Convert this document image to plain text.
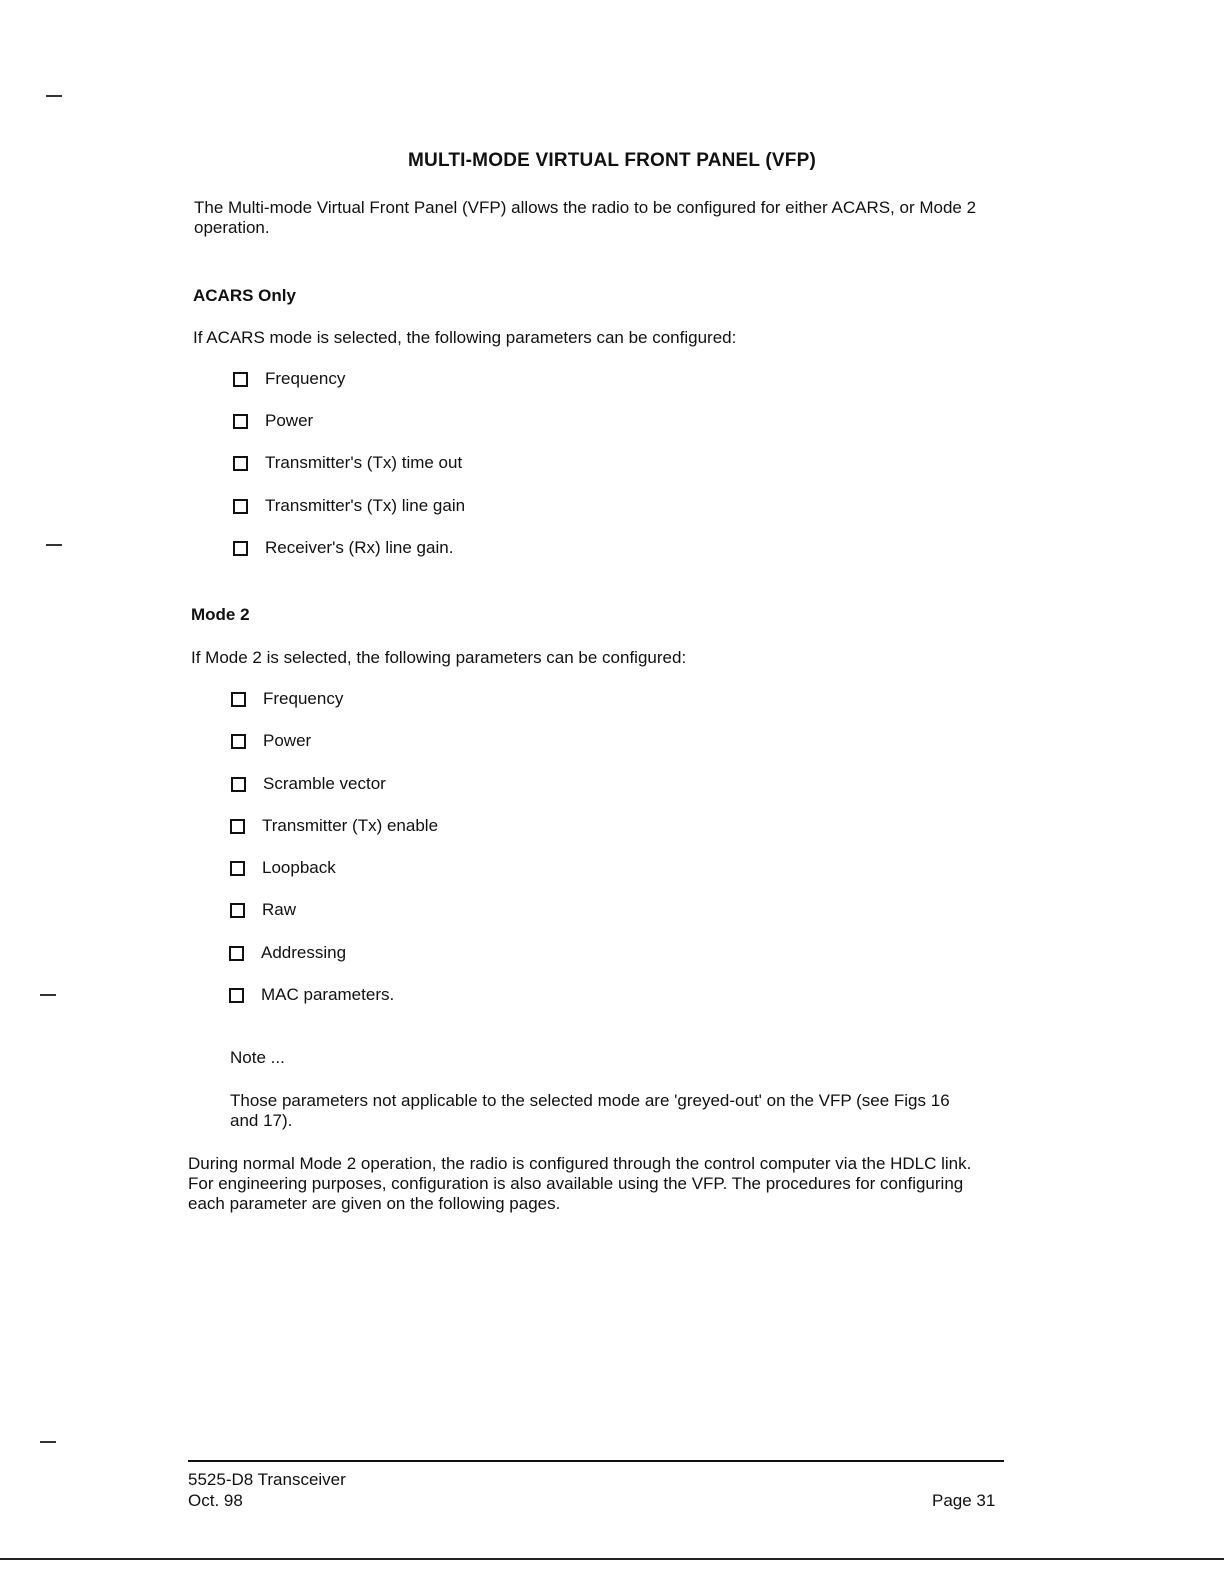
MULTI-MODE VIRTUAL FRONT PANEL (VFP)
The Multi-mode Virtual Front Panel (VFP) allows the radio to be configured for either ACARS, or Mode 2
operation.
ACARS Only
If ACARS mode is selected, the following parameters can be configured:
Frequency
Power
Transmitter's (Tx) time out
Transmitter's (Tx) line gain
Receiver's (Rx) line gain.
Mode 2
If Mode 2 is selected, the following parameters can be configured:
Frequency
Power
Scramble vector
Transmitter (Tx) enable
Loopback
Raw
Addressing
MAC parameters.
Note ...
Those parameters not applicable to the selected mode are 'greyed-out' on the VFP (see Figs 16
and 17).
During normal Mode 2 operation, the radio is configured through the control computer via the HDLC link.
For engineering purposes, configuration is also available using the VFP. The procedures for configuring
each parameter are given on the following pages.
5525-D8 Transceiver
Oct. 98	Page 31
